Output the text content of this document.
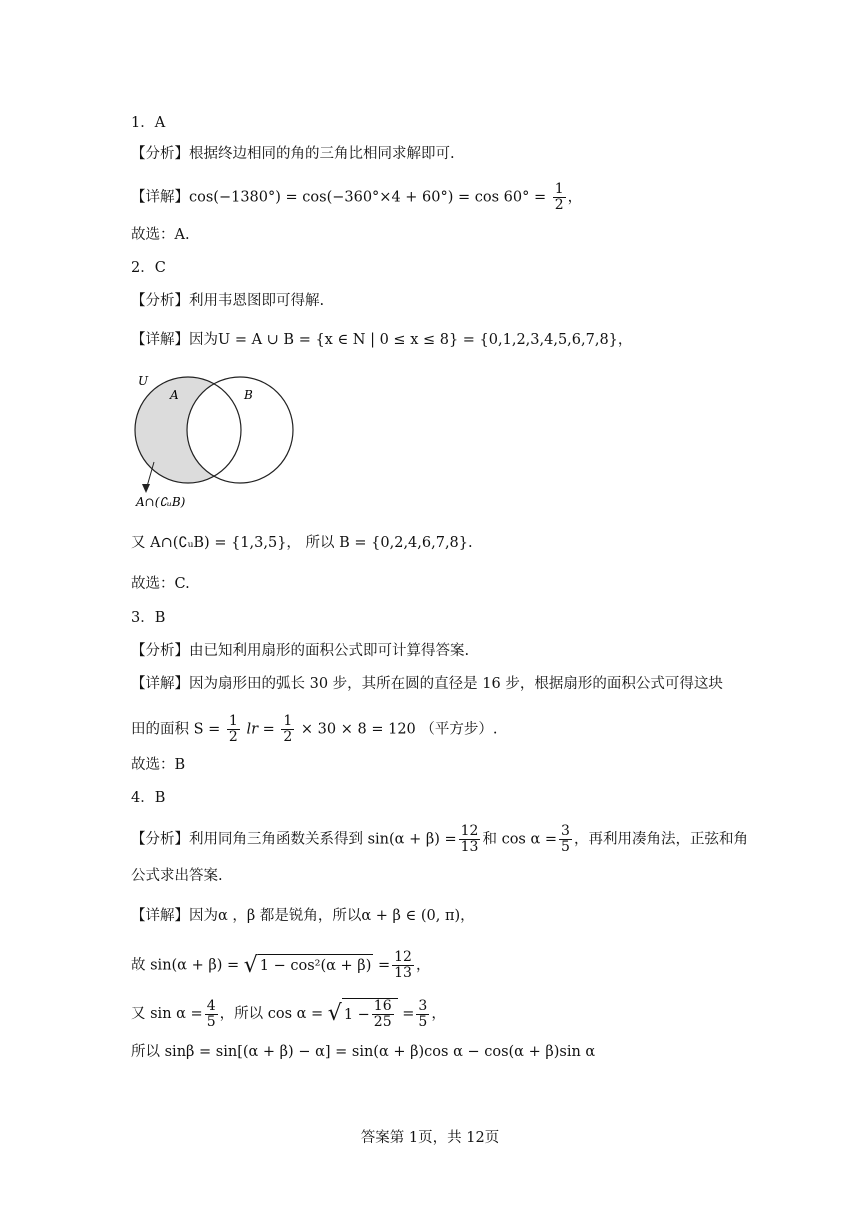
1．A
【分析】根据终边相同的角的三角比相同求解即可.
【详解】$\cos(-1380^\circ) = \cos(-360^\circ\times 4 + 60^\circ) = \cos 60^\circ = \frac{1}{2}$ ，
故选：A.
2．C
【分析】利用韦恩图即可得解.
【详解】因为U = A ∪ B = {x ∈ N | 0 ≤ x ≤ 8} = {0,1,2,3,4,5,6,7,8}，
U
A	B
A∩(∁ᵤB)
又 A∩(∁ᵤB) = {1,3,5}， 所以 B = {0,2,4,6,7,8}.
故选：C.
3．B
【分析】由已知利用扇形的面积公式即可计算得答案.
【详解】因为扇形田的弧长 30 步，其所在圆的直径是 16 步，根据扇形的面积公式可得这块
田的面积 $S = \frac{1}{2}$ lr = $\frac{1}{2} \times 30 \times 8 = 120$ （平方步）.
故选：B
4．B
【分析】利用同角三角函数关系得到 $\sin(\alpha + \beta) = \frac{12}{13}$ 和 $\cos \alpha = \frac{3}{5}$ ，再利用凑角法，正弦和角
公式求出答案.
【详解】因为α ，β 都是锐角，所以α + β ∈ (0, π)，
故 sin(α + β) = √ $1 - \cos^2(\alpha + \beta) = \frac{12}{13}$ ，
又 $\sin \alpha = \frac{4}{5}$ ，所以 cos α = √ $1 - \frac{16}{25} = \frac{3}{5}$ ，
所以 sinβ = sin[(α + β) − α] = sin(α + β)cos α − cos(α + β)sin α
答案第 1页，共 12页
